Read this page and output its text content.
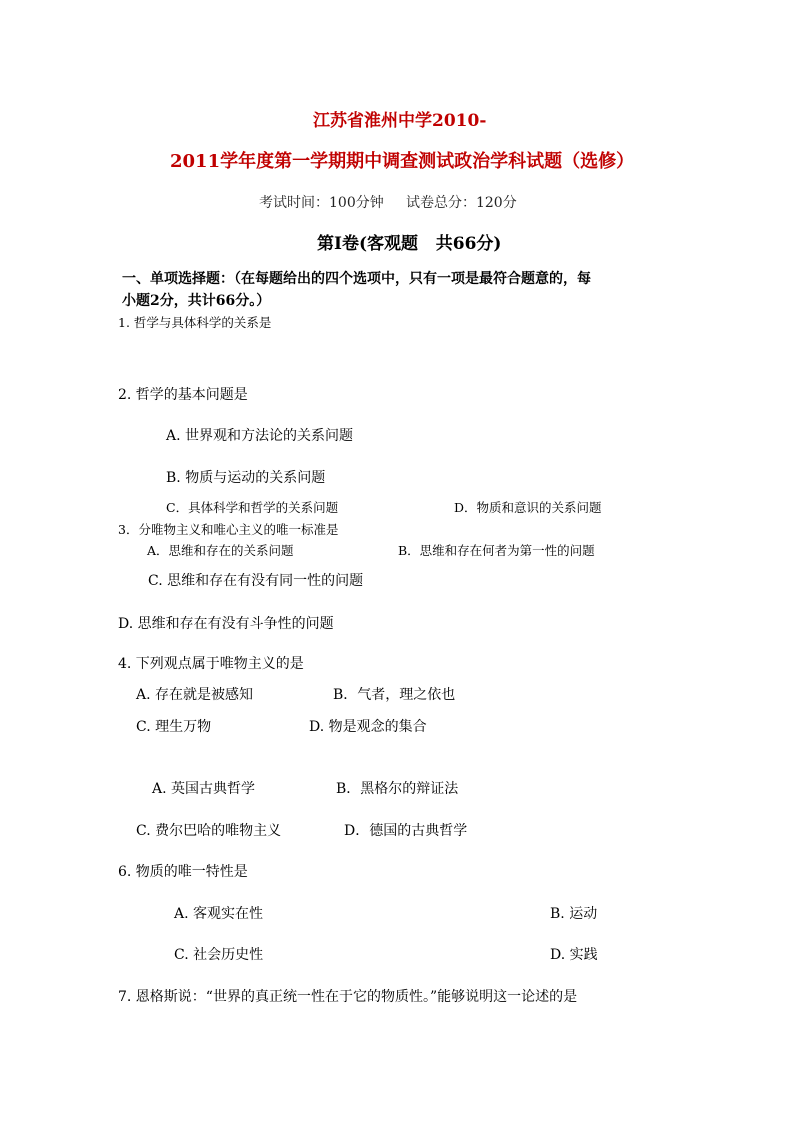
江苏省淮州中学2010-
2011学年度第一学期期中调查测试政治学科试题（选修）
考试时间：100分钟     试卷总分：120分
第Ⅰ卷(客观题   共66分)
一、单项选择题：（在每题给出的四个选项中，只有一项是最符合题意的，每
小题2分，共计66分。）
1. 哲学与具体科学的关系是
2. 哲学的基本问题是
A. 世界观和方法论的关系问题
B. 物质与运动的关系问题
C．具体科学和哲学的关系问题	D．物质和意识的关系问题
3．分唯物主义和唯心主义的唯一标准是
A．思维和存在的关系问题	B．思维和存在何者为第一性的问题
C. 思维和存在有没有同一性的问题
D. 思维和存在有没有斗争性的问题
4. 下列观点属于唯物主义的是
A. 存在就是被感知	B．气者，理之依也
C. 理生万物	D. 物是观念的集合
A. 英国古典哲学	B．黑格尔的辩证法
C. 费尔巴哈的唯物主义	D．德国的古典哲学
6. 物质的唯一特性是
A. 客观实在性	B. 运动
C. 社会历史性	D. 实践
7. 恩格斯说：“世界的真正统一性在于它的物质性。”能够说明这一论述的是
